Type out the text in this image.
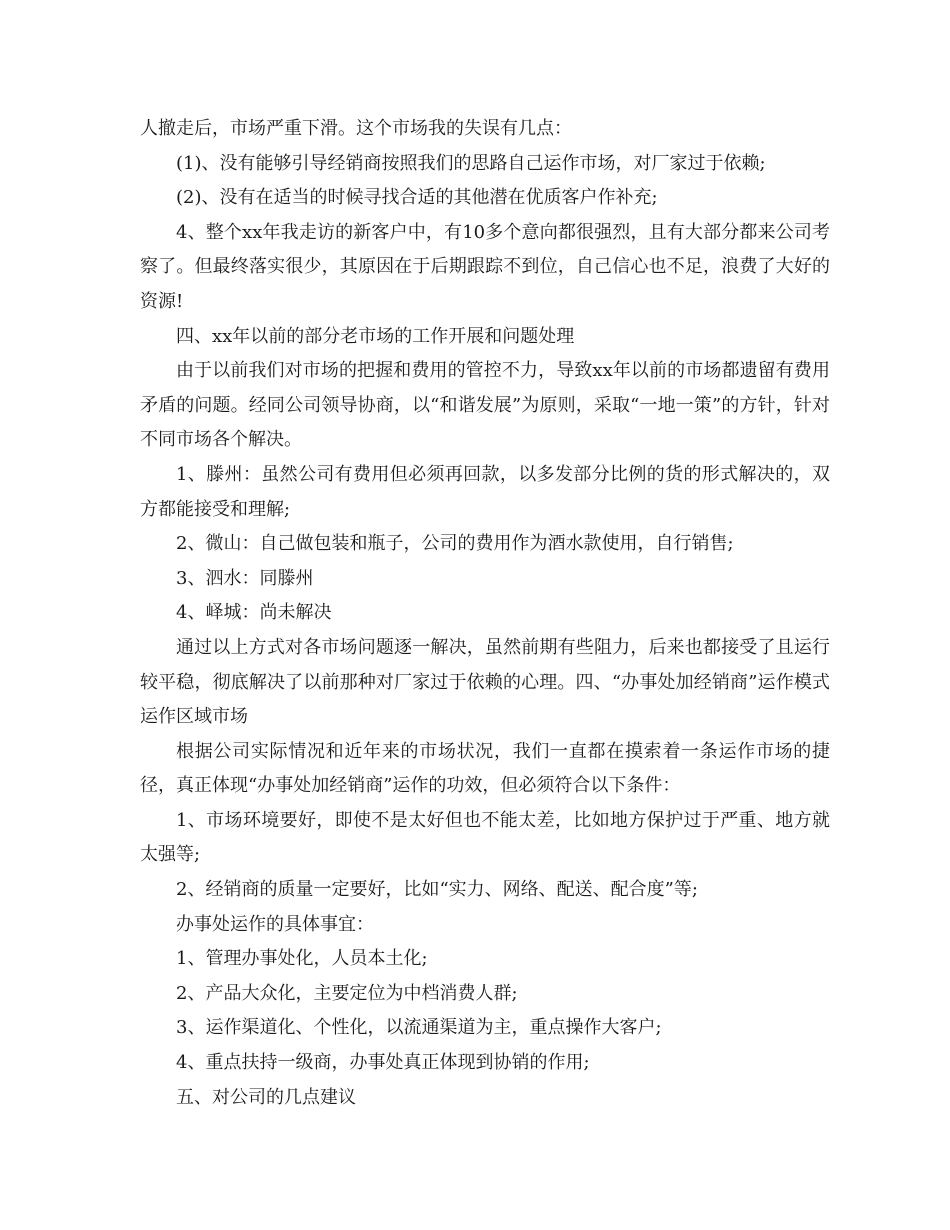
人撤走后，市场严重下滑。这个市场我的失误有几点：

(1)、没有能够引导经销商按照我们的思路自己运作市场，对厂家过于依赖;

(2)、没有在适当的时候寻找合适的其他潜在优质客户作补充;

4、整个xx年我走访的新客户中，有10多个意向都很强烈，且有大部分都来公司考察了。但最终落实很少，其原因在于后期跟踪不到位，自己信心也不足，浪费了大好的资源!

四、xx年以前的部分老市场的工作开展和问题处理

由于以前我们对市场的把握和费用的管控不力，导致xx年以前的市场都遗留有费用矛盾的问题。经同公司领导协商，以“和谐发展”为原则，采取“一地一策”的方针，针对不同市场各个解决。

1、滕州：虽然公司有费用但必须再回款，以多发部分比例的货的形式解决的，双方都能接受和理解;

2、微山：自己做包装和瓶子，公司的费用作为酒水款使用，自行销售;

3、泗水：同滕州

4、峄城：尚未解决

通过以上方式对各市场问题逐一解决，虽然前期有些阻力，后来也都接受了且运行较平稳，彻底解决了以前那种对厂家过于依赖的心理。四、“办事处加经销商”运作模式运作区域市场

根据公司实际情况和近年来的市场状况，我们一直都在摸索着一条运作市场的捷径，真正体现“办事处加经销商”运作的功效，但必须符合以下条件：

1、市场环境要好，即使不是太好但也不能太差，比如地方保护过于严重、地方就太强等;

2、经销商的质量一定要好，比如“实力、网络、配送、配合度”等;

办事处运作的具体事宜：

1、管理办事处化，人员本土化;

2、产品大众化，主要定位为中档消费人群;

3、运作渠道化、个性化，以流通渠道为主，重点操作大客户;

4、重点扶持一级商，办事处真正体现到协销的作用;

五、对公司的几点建议
